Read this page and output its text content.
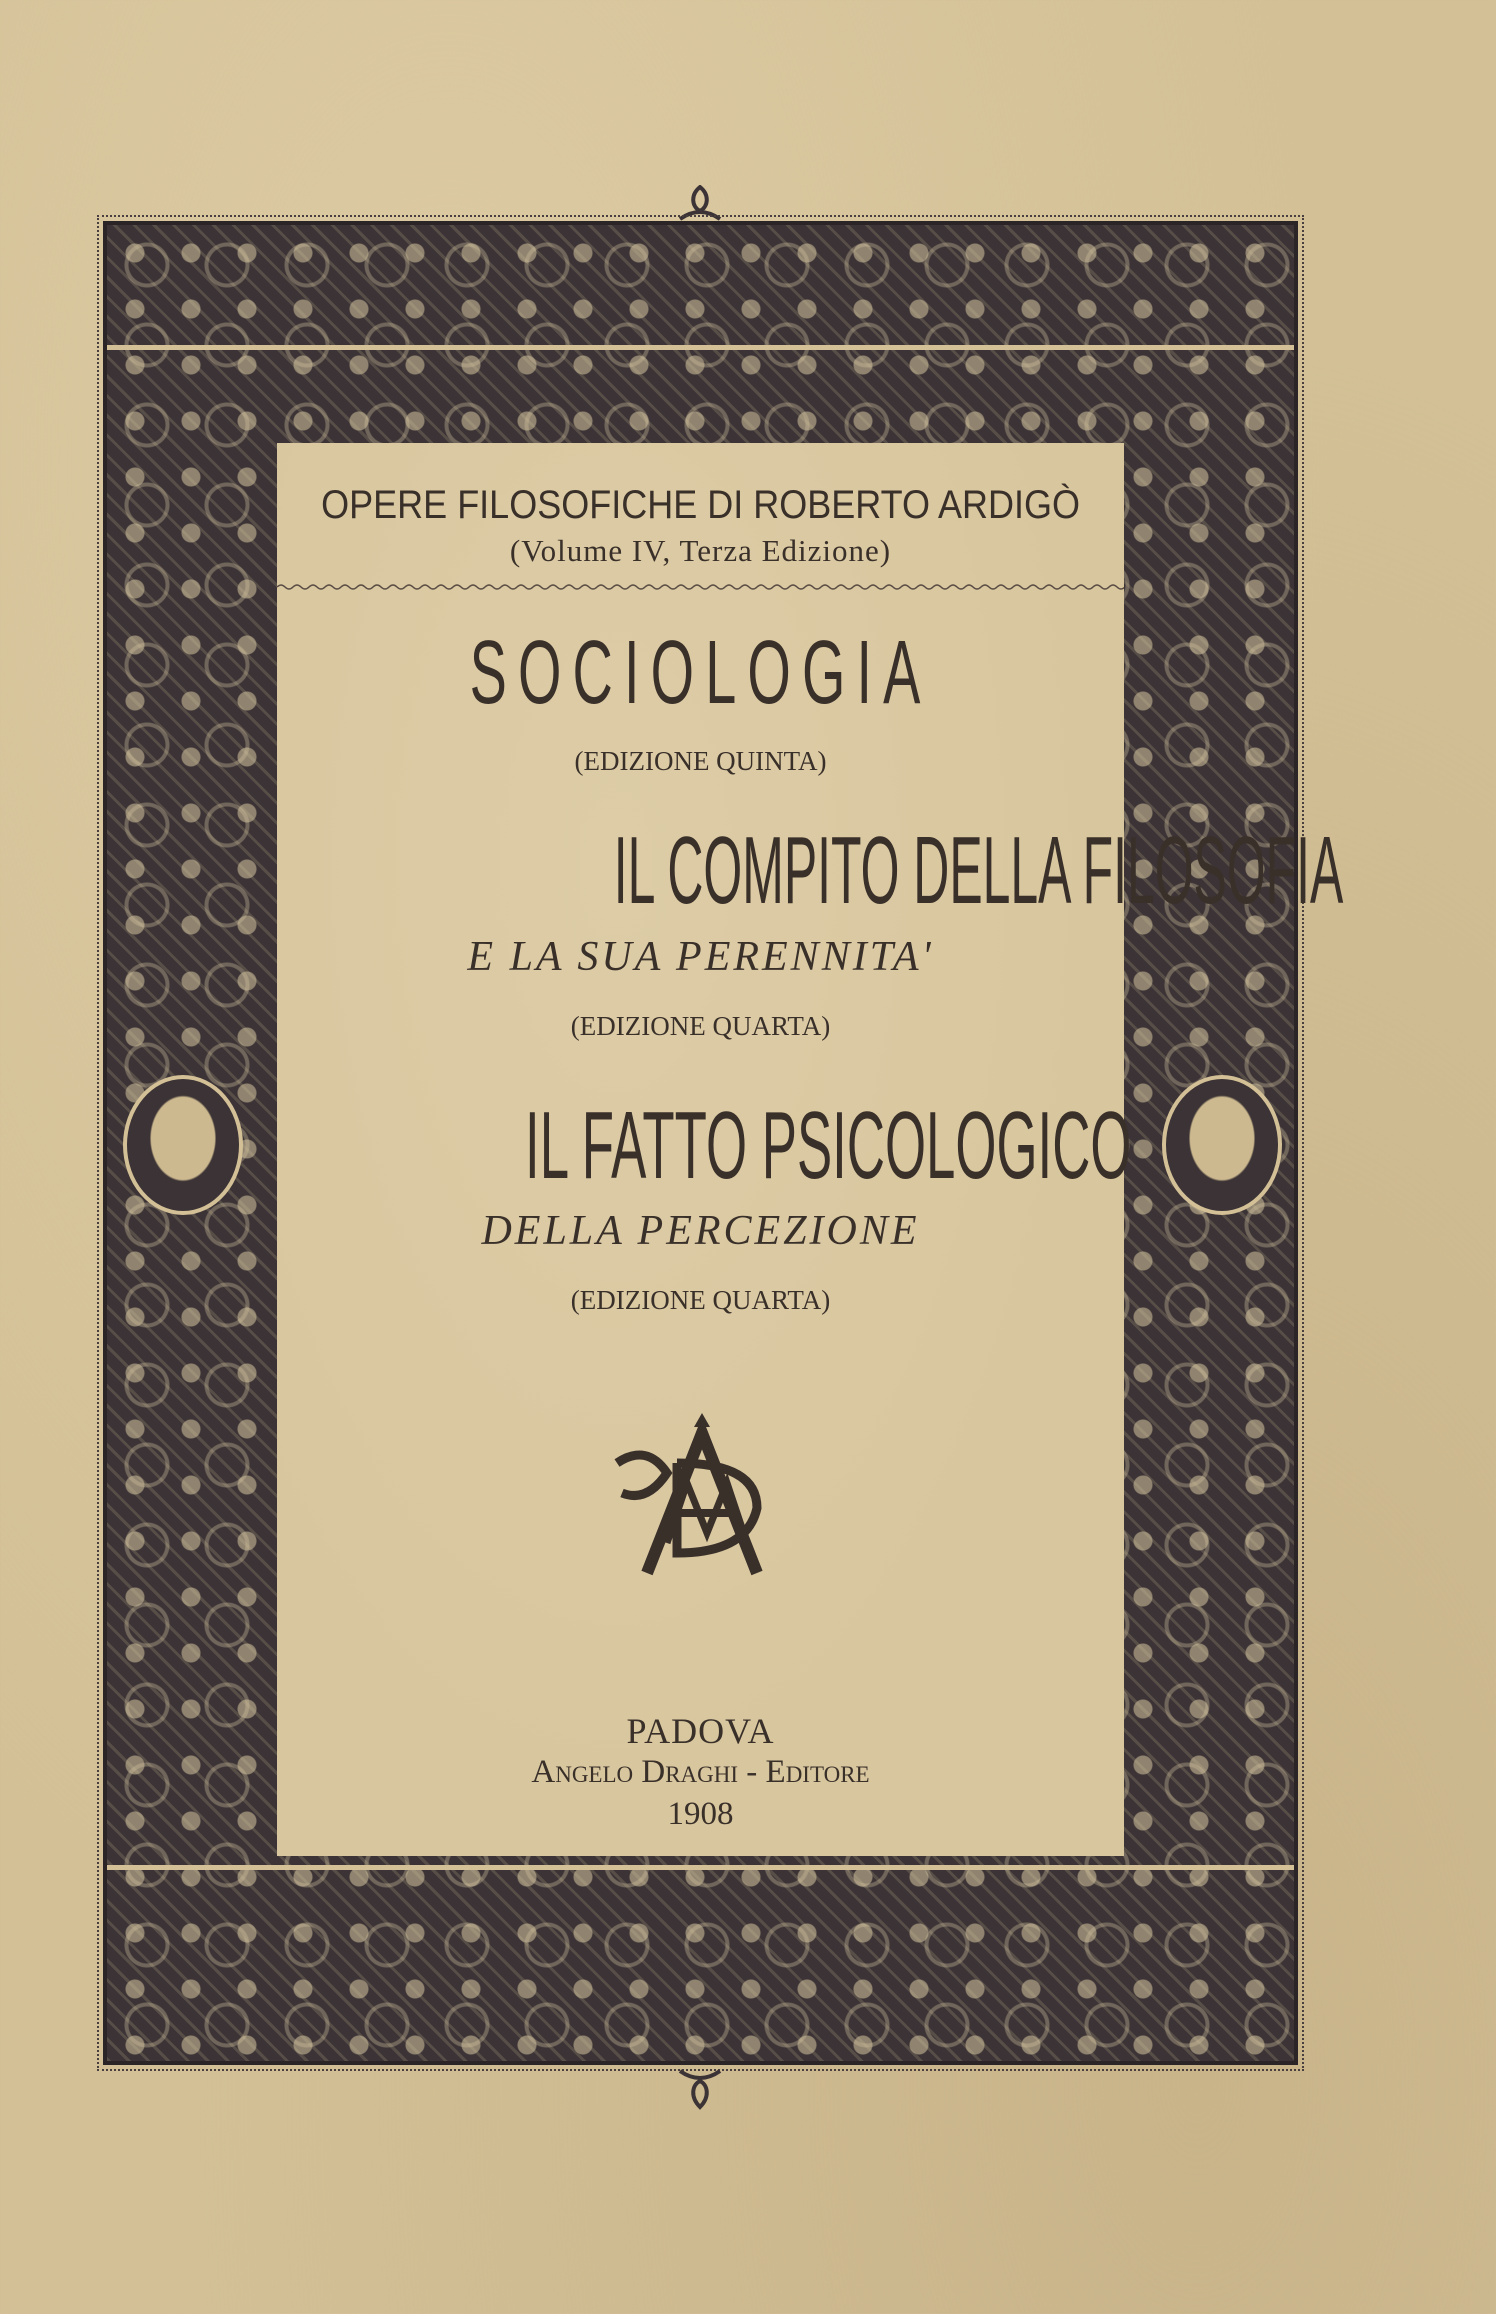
OPERE FILOSOFICHE DI ROBERTO ARDIGÒ
(Volume IV, Terza Edizione)
SOCIOLOGIA
(EDIZIONE QUINTA)
IL COMPITO DELLA FILOSOFIA
E LA SUA PERENNITA'
(EDIZIONE QUARTA)
IL FATTO PSICOLOGICO
DELLA PERCEZIONE
(EDIZIONE QUARTA)
PADOVA
Angelo Draghi - Editore
1908
